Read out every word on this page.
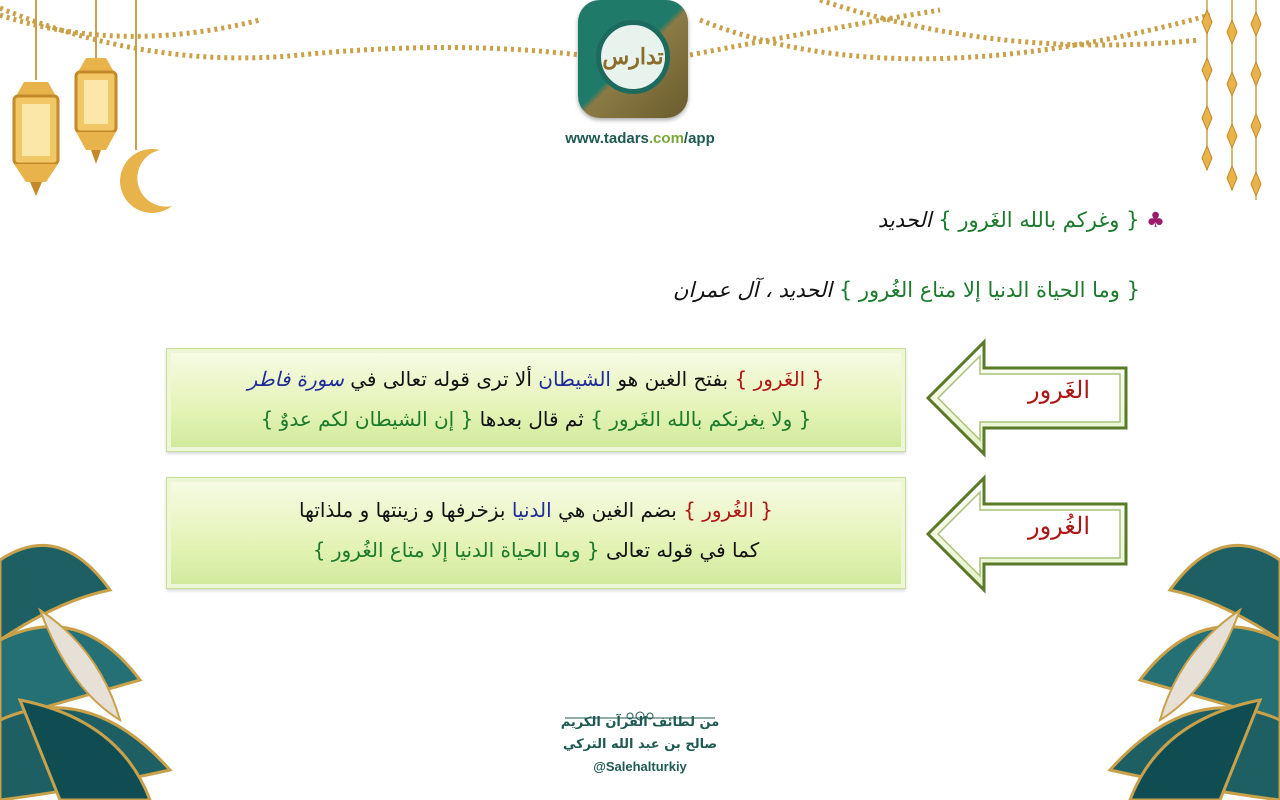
تدارس
www.tadars.com/app
♣ { وغركم بالله الغَرور } الحديد
{ وما الحياة الدنيا إلا متاع الغُرور } الحديد ، آل عمران
{ الغَرور } بفتح الغين هو الشيطان ألا ترى قوله تعالى في سورة فاطر
{ ولا يغرنكم بالله الغَرور } ثم قال بعدها { إن الشيطان لكم عدوٌ }
{ الغُرور } بضم الغين هي الدنيا بزخرفها و زينتها و ملذاتها
كما في قوله تعالى { وما الحياة الدنيا إلا متاع الغُرور }
الغَرور
الغُرور
من لطائف القرآن الكريم
صالح بن عبد الله التركي
@Salehalturkiy
